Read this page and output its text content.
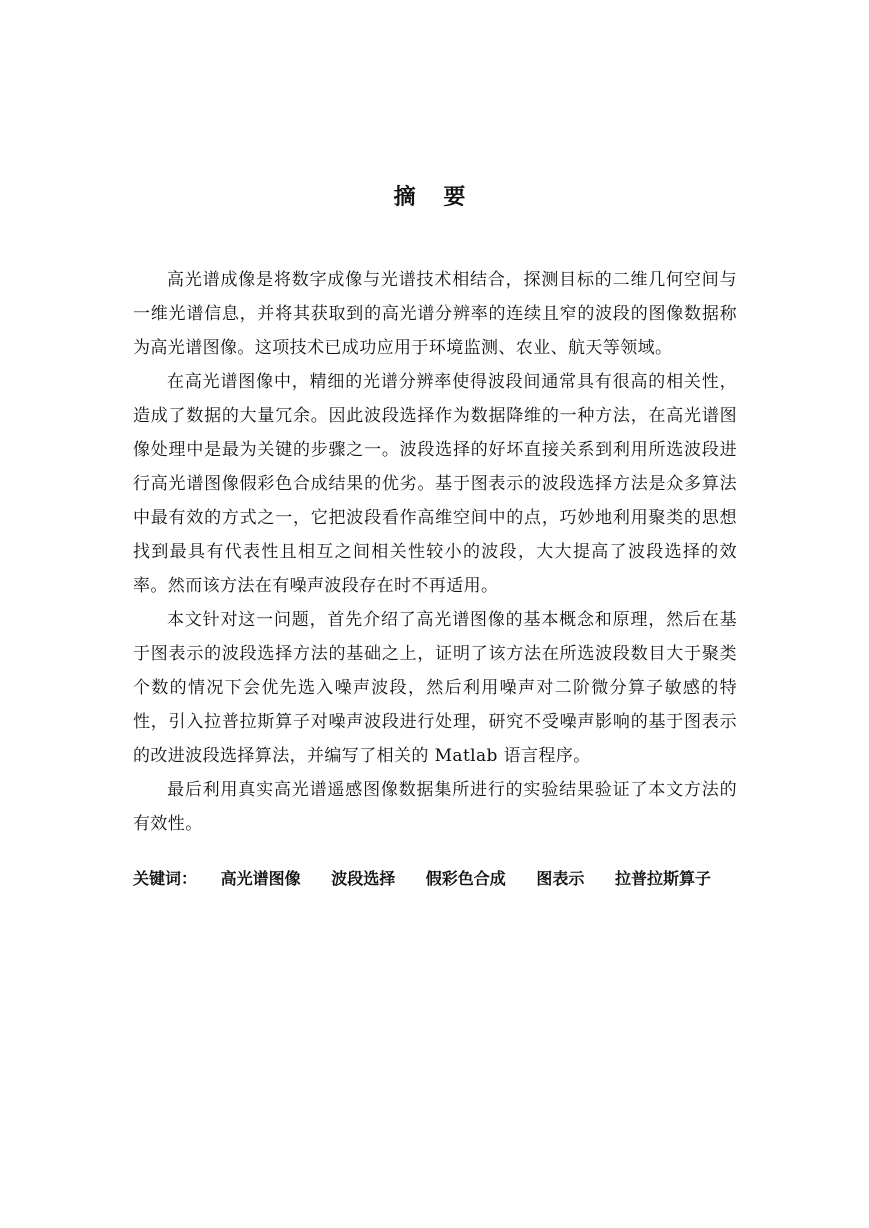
摘 要

高光谱成像是将数字成像与光谱技术相结合，探测目标的二维几何空间与一维光谱信息，并将其获取到的高光谱分辨率的连续且窄的波段的图像数据称为高光谱图像。这项技术已成功应用于环境监测、农业、航天等领域。

在高光谱图像中，精细的光谱分辨率使得波段间通常具有很高的相关性，造成了数据的大量冗余。因此波段选择作为数据降维的一种方法，在高光谱图像处理中是最为关键的步骤之一。波段选择的好坏直接关系到利用所选波段进行高光谱图像假彩色合成结果的优劣。基于图表示的波段选择方法是众多算法中最有效的方式之一，它把波段看作高维空间中的点，巧妙地利用聚类的思想找到最具有代表性且相互之间相关性较小的波段，大大提高了波段选择的效率。然而该方法在有噪声波段存在时不再适用。

本文针对这一问题，首先介绍了高光谱图像的基本概念和原理，然后在基于图表示的波段选择方法的基础之上，证明了该方法在所选波段数目大于聚类个数的情况下会优先选入噪声波段，然后利用噪声对二阶微分算子敏感的特性，引入拉普拉斯算子对噪声波段进行处理，研究不受噪声影响的基于图表示的改进波段选择算法，并编写了相关的 Matlab 语言程序。

最后利用真实高光谱遥感图像数据集所进行的实验结果验证了本文方法的有效性。

关键词： 高光谱图像 波段选择 假彩色合成 图表示 拉普拉斯算子
